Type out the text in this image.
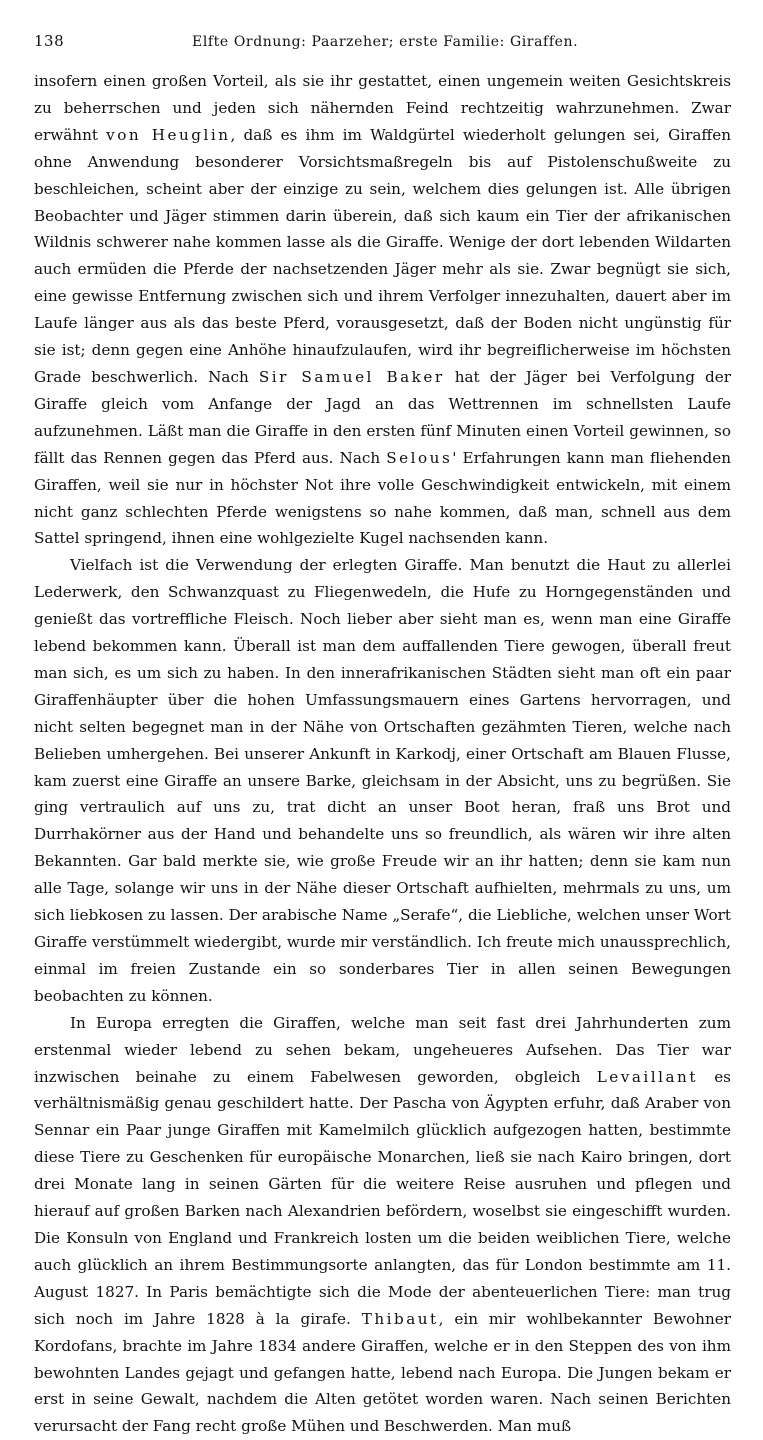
138	Elfte Ordnung: Paarzeher; erste Familie: Giraffen.

insofern einen großen Vorteil, als sie ihr gestattet, einen ungemein weiten Gesichtskreis zu beherrschen und jeden sich nähernden Feind rechtzeitig wahrzunehmen. Zwar erwähnt von Heuglin, daß es ihm im Waldgürtel wiederholt gelungen sei, Giraffen ohne Anwendung besonderer Vorsichtsmaßregeln bis auf Pistolenschußweite zu beschleichen, scheint aber der einzige zu sein, welchem dies gelungen ist. Alle übrigen Beobachter und Jäger stimmen darin überein, daß sich kaum ein Tier der afrikanischen Wildnis schwerer nahe kommen lasse als die Giraffe. Wenige der dort lebenden Wildarten auch ermüden die Pferde der nachsetzenden Jäger mehr als sie. Zwar begnügt sie sich, eine gewisse Entfernung zwischen sich und ihrem Verfolger innezuhalten, dauert aber im Laufe länger aus als das beste Pferd, vorausgesetzt, daß der Boden nicht ungünstig für sie ist; denn gegen eine Anhöhe hinaufzulaufen, wird ihr begreiflicherweise im höchsten Grade beschwerlich. Nach Sir Samuel Baker hat der Jäger bei Verfolgung der Giraffe gleich vom Anfange der Jagd an das Wettrennen im schnellsten Laufe aufzunehmen. Läßt man die Giraffe in den ersten fünf Minuten einen Vorteil gewinnen, so fällt das Rennen gegen das Pferd aus. Nach Selous' Erfahrungen kann man fliehenden Giraffen, weil sie nur in höchster Not ihre volle Geschwindigkeit entwickeln, mit einem nicht ganz schlechten Pferde wenigstens so nahe kommen, daß man, schnell aus dem Sattel springend, ihnen eine wohlgezielte Kugel nachsenden kann.

Vielfach ist die Verwendung der erlegten Giraffe. Man benutzt die Haut zu allerlei Lederwerk, den Schwanzquast zu Fliegenwedeln, die Hufe zu Horngegenständen und genießt das vortreffliche Fleisch. Noch lieber aber sieht man es, wenn man eine Giraffe lebend bekommen kann. Überall ist man dem auffallenden Tiere gewogen, überall freut man sich, es um sich zu haben. In den innerafrikanischen Städten sieht man oft ein paar Giraffenhäupter über die hohen Umfassungsmauern eines Gartens hervorragen, und nicht selten begegnet man in der Nähe von Ortschaften gezähmten Tieren, welche nach Belieben umhergehen. Bei unserer Ankunft in Karkodj, einer Ortschaft am Blauen Flusse, kam zuerst eine Giraffe an unsere Barke, gleichsam in der Absicht, uns zu begrüßen. Sie ging vertraulich auf uns zu, trat dicht an unser Boot heran, fraß uns Brot und Durrhakörner aus der Hand und behandelte uns so freundlich, als wären wir ihre alten Bekannten. Gar bald merkte sie, wie große Freude wir an ihr hatten; denn sie kam nun alle Tage, solange wir uns in der Nähe dieser Ortschaft aufhielten, mehrmals zu uns, um sich liebkosen zu lassen. Der arabische Name „Serafe“, die Liebliche, welchen unser Wort Giraffe verstümmelt wiedergibt, wurde mir verständlich. Ich freute mich unaussprechlich, einmal im freien Zustande ein so sonderbares Tier in allen seinen Bewegungen beobachten zu können.

In Europa erregten die Giraffen, welche man seit fast drei Jahrhunderten zum erstenmal wieder lebend zu sehen bekam, ungeheueres Aufsehen. Das Tier war inzwischen beinahe zu einem Fabelwesen geworden, obgleich Levaillant es verhältnismäßig genau geschildert hatte. Der Pascha von Ägypten erfuhr, daß Araber von Sennar ein Paar junge Giraffen mit Kamelmilch glücklich aufgezogen hatten, bestimmte diese Tiere zu Geschenken für europäische Monarchen, ließ sie nach Kairo bringen, dort drei Monate lang in seinen Gärten für die weitere Reise ausruhen und pflegen und hierauf auf großen Barken nach Alexandrien befördern, woselbst sie eingeschifft wurden. Die Konsuln von England und Frankreich losten um die beiden weiblichen Tiere, welche auch glücklich an ihrem Bestimmungsorte anlangten, das für London bestimmte am 11. August 1827. In Paris bemächtigte sich die Mode der abenteuerlichen Tiere: man trug sich noch im Jahre 1828 à la girafe. Thibaut, ein mir wohlbekannter Bewohner Kordofans, brachte im Jahre 1834 andere Giraffen, welche er in den Steppen des von ihm bewohnten Landes gejagt und gefangen hatte, lebend nach Europa. Die Jungen bekam er erst in seine Gewalt, nachdem die Alten getötet worden waren. Nach seinen Berichten verursacht der Fang recht große Mühen und Beschwerden. Man muß
